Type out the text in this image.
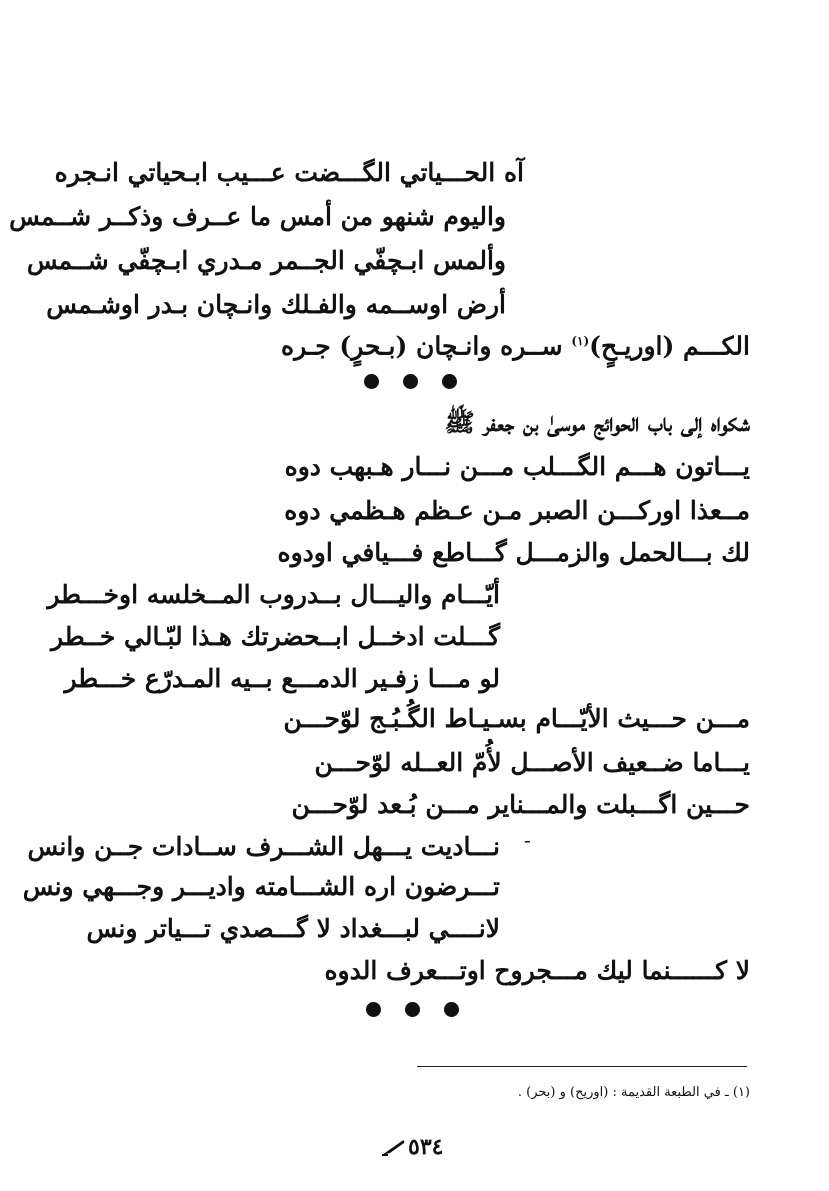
آه الحـــياتي الگـــضت عـــيب ابـحياتي انـجره
واليوم شنهو من أمس ما عــرف وذكــر شــمس
وألمس ابـچفّي الجــمر مـدري ابـچفّي شــمس
أرض اوســمه والفـلك وانـچان بـدر اوشـمس
الكـــم (اوريـحٍ)$^{(١)}$ ســره وانـچان (بـحرٍ) جـره
شكواه إلى باب الحوائج موسىٰ بن جعفر ﷺ
يـــاتون هـــم الگـــلب مـــن نـــار هـبهب دوه
مــعذا اوركـــن الصبر مـن عـظم هـظمي دوه
لك بـــالحمل والزمـــل گـــاطع فـــيافي اودوه
أيّـــام واليـــال بــدروب المــخلسه اوخـــطر
گـــلت ادخــل ابــحضرتك هـذا لبّـالي خــطر
لو مـــا زفـير الدمـــع بــيه المـدرّع خـــطر
مـــن حـــيث الأيّـــام بسـيـاط الگُـبُـج لوّحـــن
يـــاما ضــعيف الأصـــل لأُمّ العــله لوّحـــن
حـــين اگـــبلت والمـــناير مـــن بُـعد لوّحـــن
-
نـــاديت يـــهل الشـــرف ســادات جــن وانس
تـــرضون اره الشـــامته واديـــر وجـــهي ونس
لانــــي لبـــغداد لا گـــصدي تـــياتر ونس
لا كــــــنما ليك مـــجروح اوتـــعرف الدوه
(١) ـ في الطبعة القديمة : (اوريح) و (بحر) .
٥٣٤
